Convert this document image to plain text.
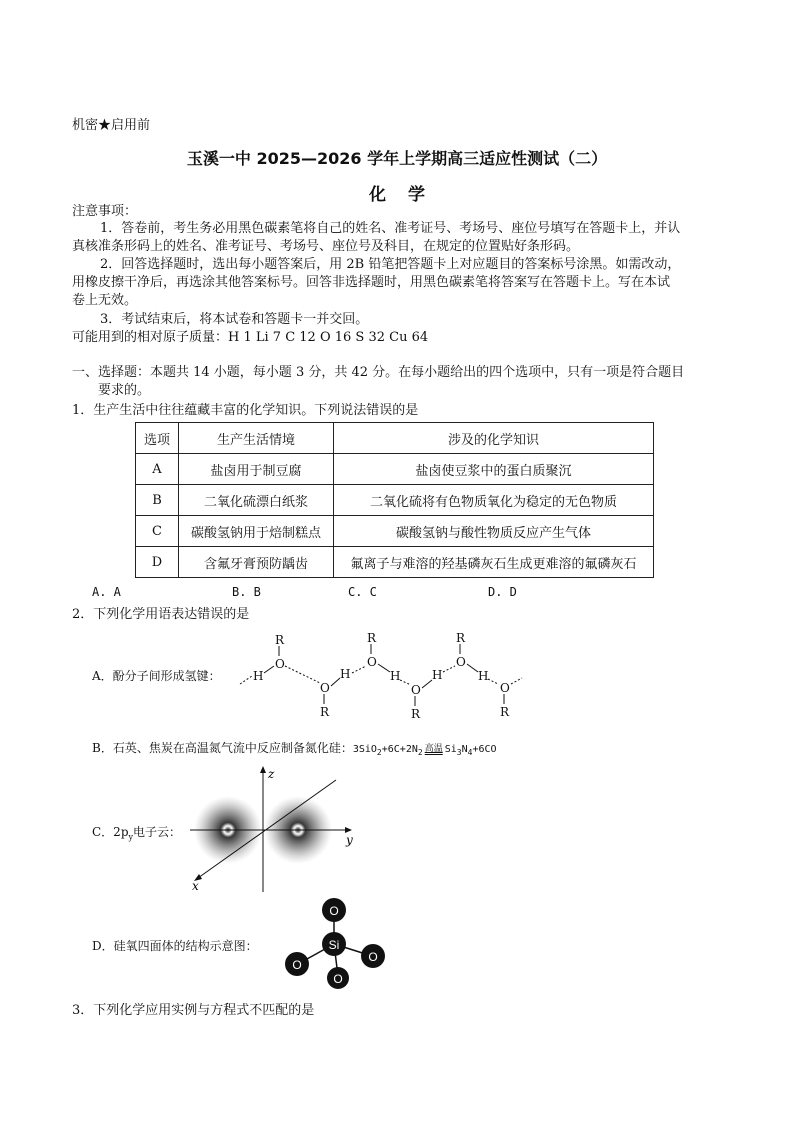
机密★启用前
玉溪一中 2025—2026 学年上学期高三适应性测试（二）
化学
注意事项：
1．答卷前，考生务必用黑色碳素笔将自己的姓名、准考证号、考场号、座位号填写在答题卡上，并认
真核准条形码上的姓名、准考证号、考场号、座位号及科目，在规定的位置贴好条形码。
2．回答选择题时，选出每小题答案后，用 2B 铅笔把答题卡上对应题目的答案标号涂黑。如需改动，
用橡皮擦干净后，再选涂其他答案标号。回答非选择题时，用黑色碳素笔将答案写在答题卡上。写在本试
卷上无效。
3．考试结束后，将本试卷和答题卡一并交回。
可能用到的相对原子质量：H 1 Li 7 C 12 O 16 S 32 Cu 64
一、选择题：本题共 14 小题，每小题 3 分，共 42 分。在每小题给出的四个选项中，只有一项是符合题目
要求的。
1．生产生活中往往蕴藏丰富的化学知识。下列说法错误的是
选项	生产生活情境	涉及的化学知识
A	盐卤用于制豆腐	盐卤使豆浆中的蛋白质聚沉
B	二氧化硫漂白纸浆	二氧化硫将有色物质氧化为稳定的无色物质
C	碳酸氢钠用于焙制糕点	碳酸氢钠与酸性物质反应产生气体
D	含氟牙膏预防龋齿	氟离子与难溶的羟基磷灰石生成更难溶的氟磷灰石
A. A	B. B	C. C	D. D
2．下列化学用语表达错误的是
A．酚分子间形成氢键：
R
O
H
O
R
H
R
O
H
O
R
H
R
O
H
O
R
B．石英、焦炭在高温氮气流中反应制备氮化硅：$3SiO_2+6C+2N_2$ 高温 $Si_3N_4+6CO$
C．$2p_y$电子云：
z
y
x
D．硅氧四面体的结构示意图：	Si
O
O
O
O
3．下列化学应用实例与方程式不匹配的是
